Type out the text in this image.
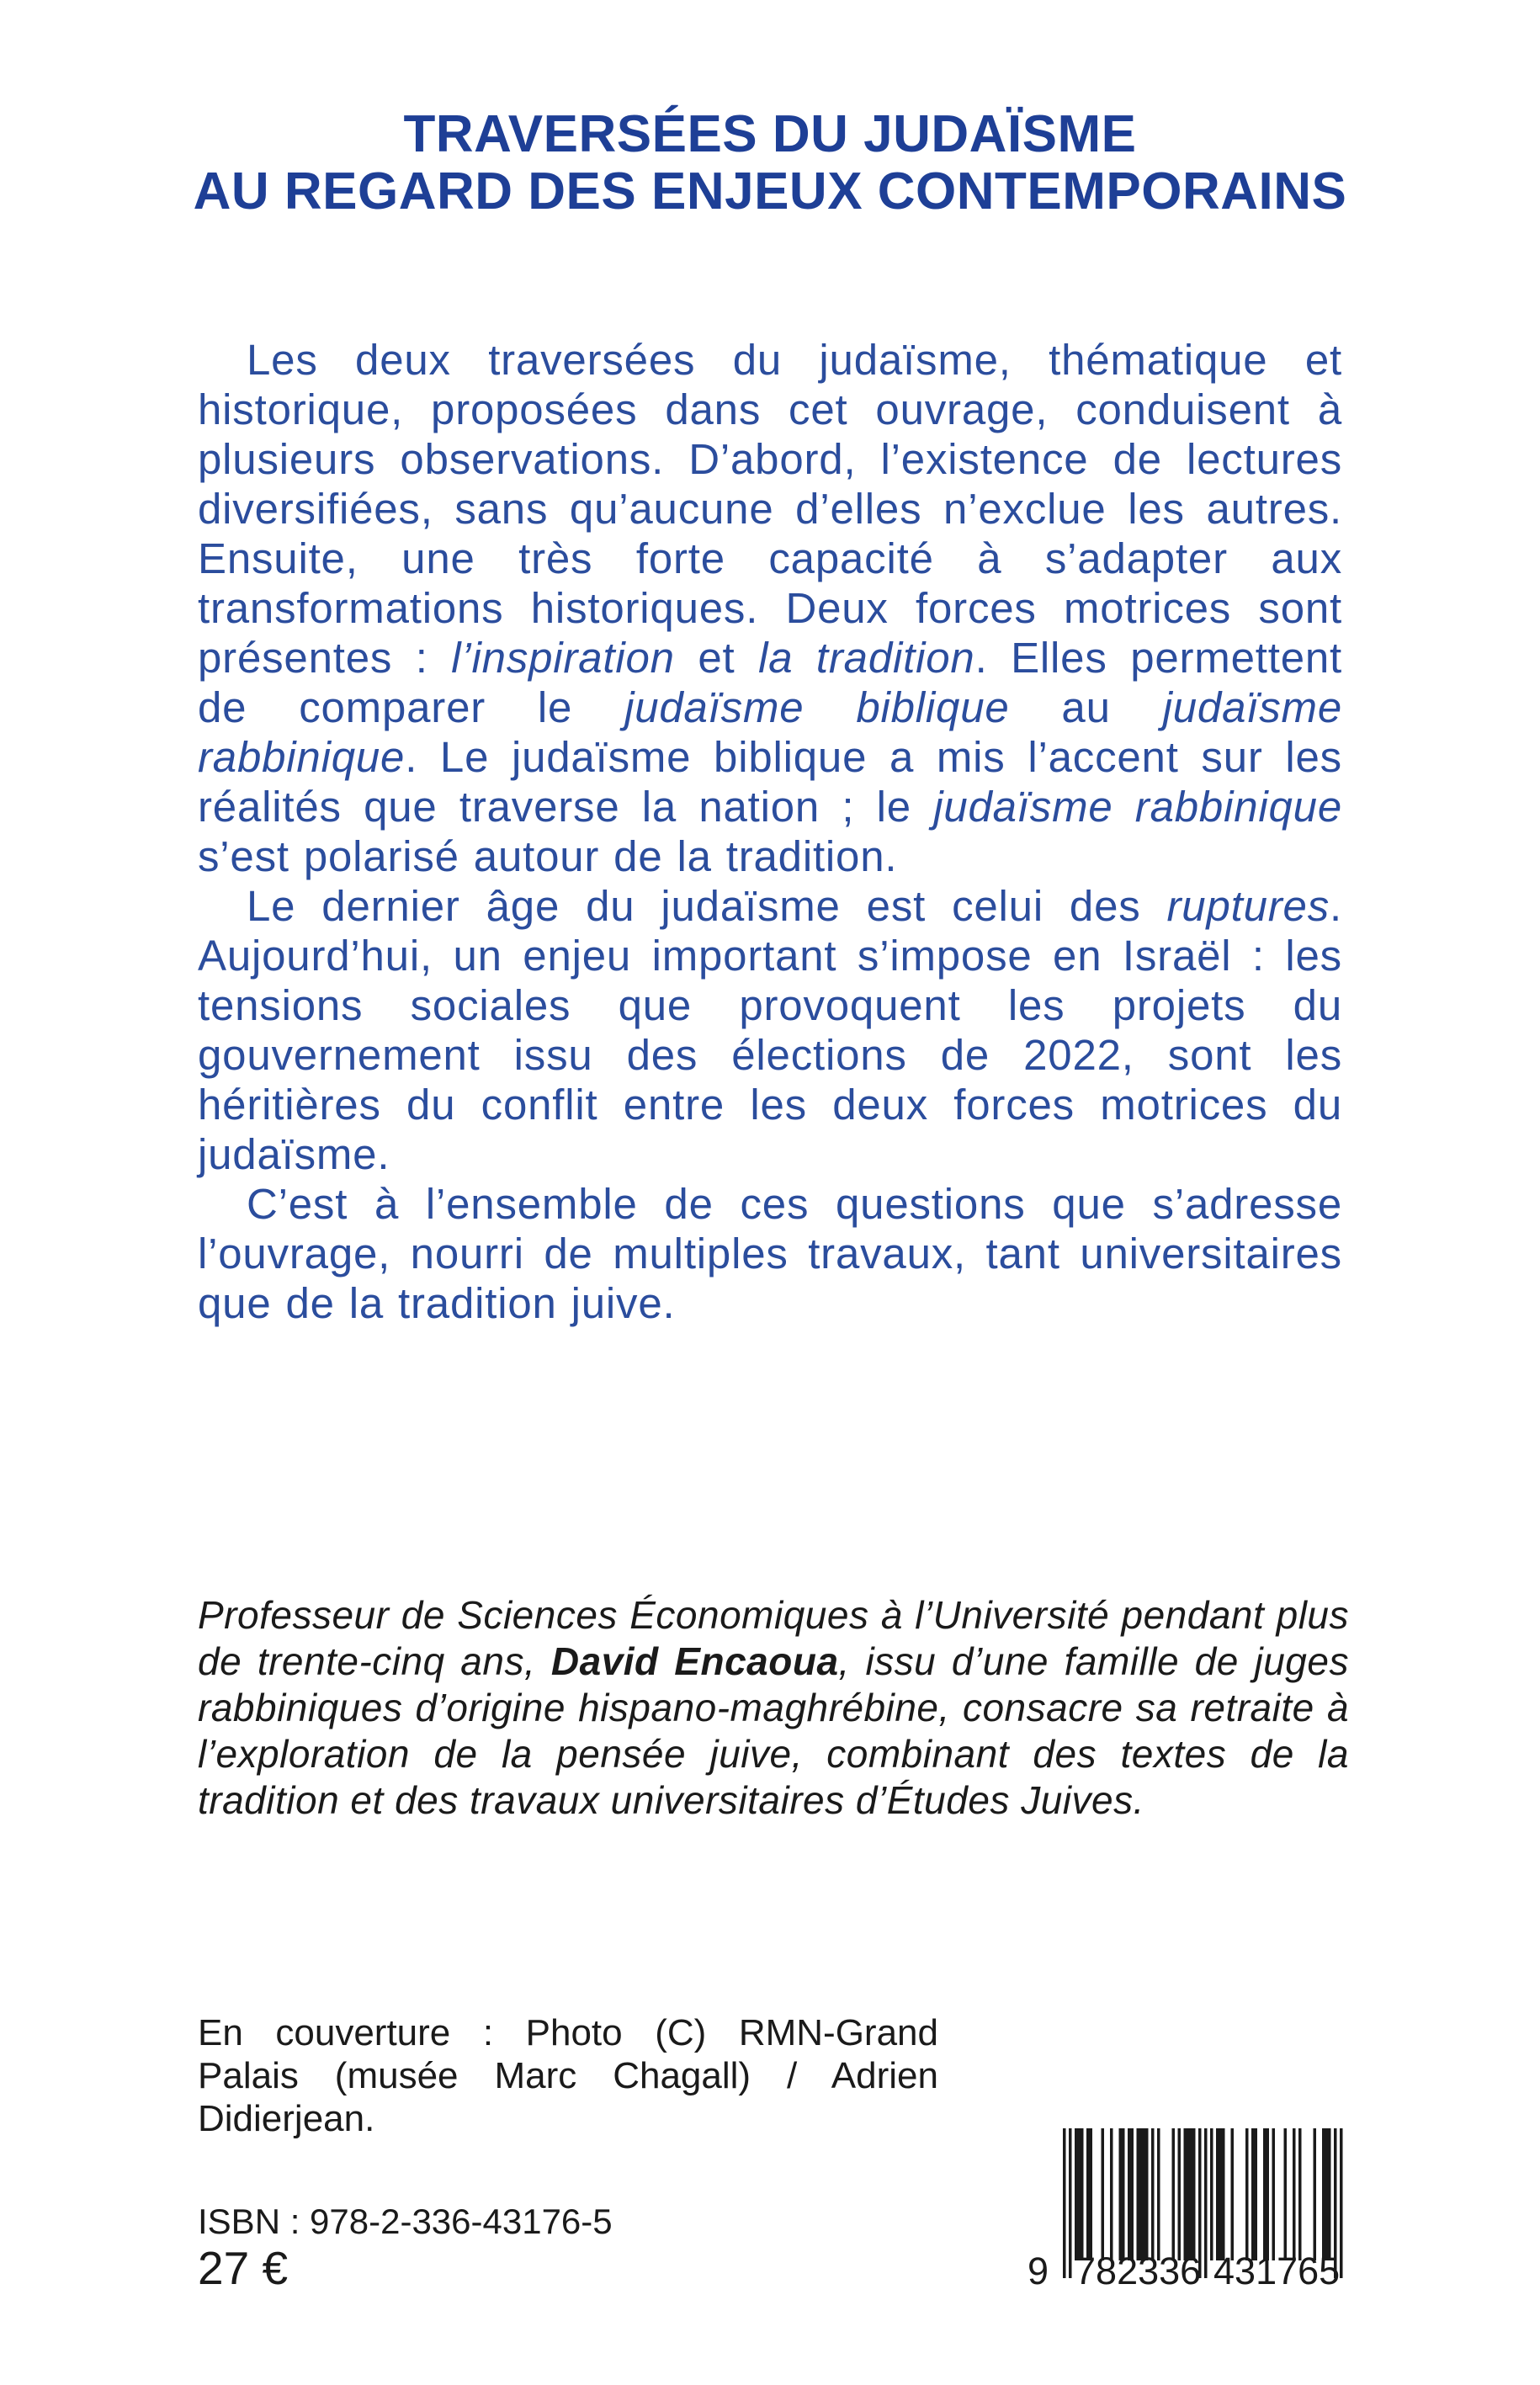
TRAVERSÉES DU JUDAÏSME
AU REGARD DES ENJEUX CONTEMPORAINS

Les deux traversées du judaïsme, thématique et historique, proposées dans cet ouvrage, conduisent à plusieurs observations. D’abord, l’existence de lectures diversifiées, sans qu’aucune d’elles n’exclue les autres. Ensuite, une très forte capacité à s’adapter aux transformations historiques. Deux forces motrices sont présentes : l’inspiration et la tradition. Elles permettent de comparer le judaïsme biblique au judaïsme rabbinique. Le judaïsme biblique a mis l’accent sur les réalités que traverse la nation ; le judaïsme rabbinique s’est polarisé autour de la tradition.

Le dernier âge du judaïsme est celui des ruptures. Aujourd’hui, un enjeu important s’impose en Israël : les tensions sociales que provoquent les projets du gouvernement issu des élections de 2022, sont les héritières du conflit entre les deux forces motrices du judaïsme.

C’est à l’ensemble de ces questions que s’adresse l’ouvrage, nourri de multiples travaux, tant universitaires que de la tradition juive.

Professeur de Sciences Économiques à l’Université pendant plus de trente-cinq ans, David Encaoua, issu d’une famille de juges rabbiniques d’origine hispano-maghrébine, consacre sa retraite à l’exploration de la pensée juive, combinant des textes de la tradition et des travaux universitaires d’Études Juives.
En couverture : Photo (C) RMN-Grand Palais (musée Marc Chagall) / Adrien Didierjean.
ISBN : 978-2-336-43176-5
27 €	9 7 8 2 3 3 6 4 3 1 7 6 5
